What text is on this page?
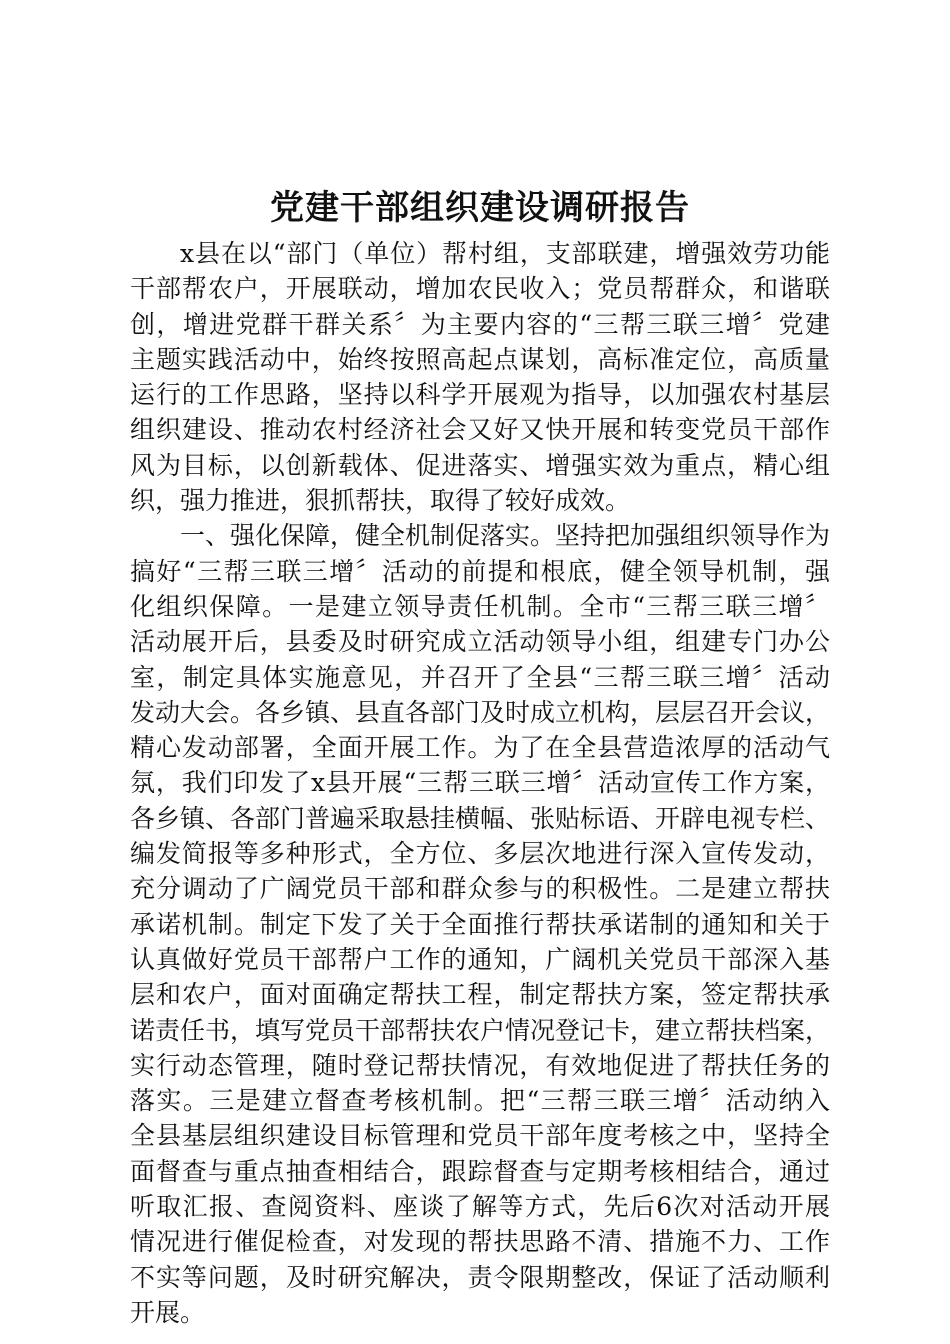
党建干部组织建设调研报告
x县在以“部门（单位）帮村组，支部联建，增强效劳功能
干部帮农户，开展联动，增加农民收入；党员帮群众，和谐联
创，增进党群干群关系〞为主要内容的“三帮三联三增〞党建
主题实践活动中，始终按照高起点谋划，高标准定位，高质量
运行的工作思路，坚持以科学开展观为指导，以加强农村基层
组织建设、推动农村经济社会又好又快开展和转变党员干部作
风为目标，以创新载体、促进落实、增强实效为重点，精心组
织，强力推进，狠抓帮扶，取得了较好成效。
一、强化保障，健全机制促落实。坚持把加强组织领导作为
搞好“三帮三联三增〞活动的前提和根底，健全领导机制，强
化组织保障。一是建立领导责任机制。全市“三帮三联三增〞
活动展开后，县委及时研究成立活动领导小组，组建专门办公
室，制定具体实施意见，并召开了全县“三帮三联三增〞活动
发动大会。各乡镇、县直各部门及时成立机构，层层召开会议，
精心发动部署，全面开展工作。为了在全县营造浓厚的活动气
氛，我们印发了x县开展“三帮三联三增〞活动宣传工作方案，
各乡镇、各部门普遍采取悬挂横幅、张贴标语、开辟电视专栏、
编发简报等多种形式，全方位、多层次地进行深入宣传发动，
充分调动了广阔党员干部和群众参与的积极性。二是建立帮扶
承诺机制。制定下发了关于全面推行帮扶承诺制的通知和关于
认真做好党员干部帮户工作的通知，广阔机关党员干部深入基
层和农户，面对面确定帮扶工程，制定帮扶方案，签定帮扶承
诺责任书，填写党员干部帮扶农户情况登记卡，建立帮扶档案，
实行动态管理，随时登记帮扶情况，有效地促进了帮扶任务的
落实。三是建立督查考核机制。把“三帮三联三增〞活动纳入
全县基层组织建设目标管理和党员干部年度考核之中，坚持全
面督查与重点抽查相结合，跟踪督查与定期考核相结合，通过
听取汇报、查阅资料、座谈了解等方式，先后6次对活动开展
情况进行催促检查，对发现的帮扶思路不清、措施不力、工作
不实等问题，及时研究解决，责令限期整改，保证了活动顺利
开展。
